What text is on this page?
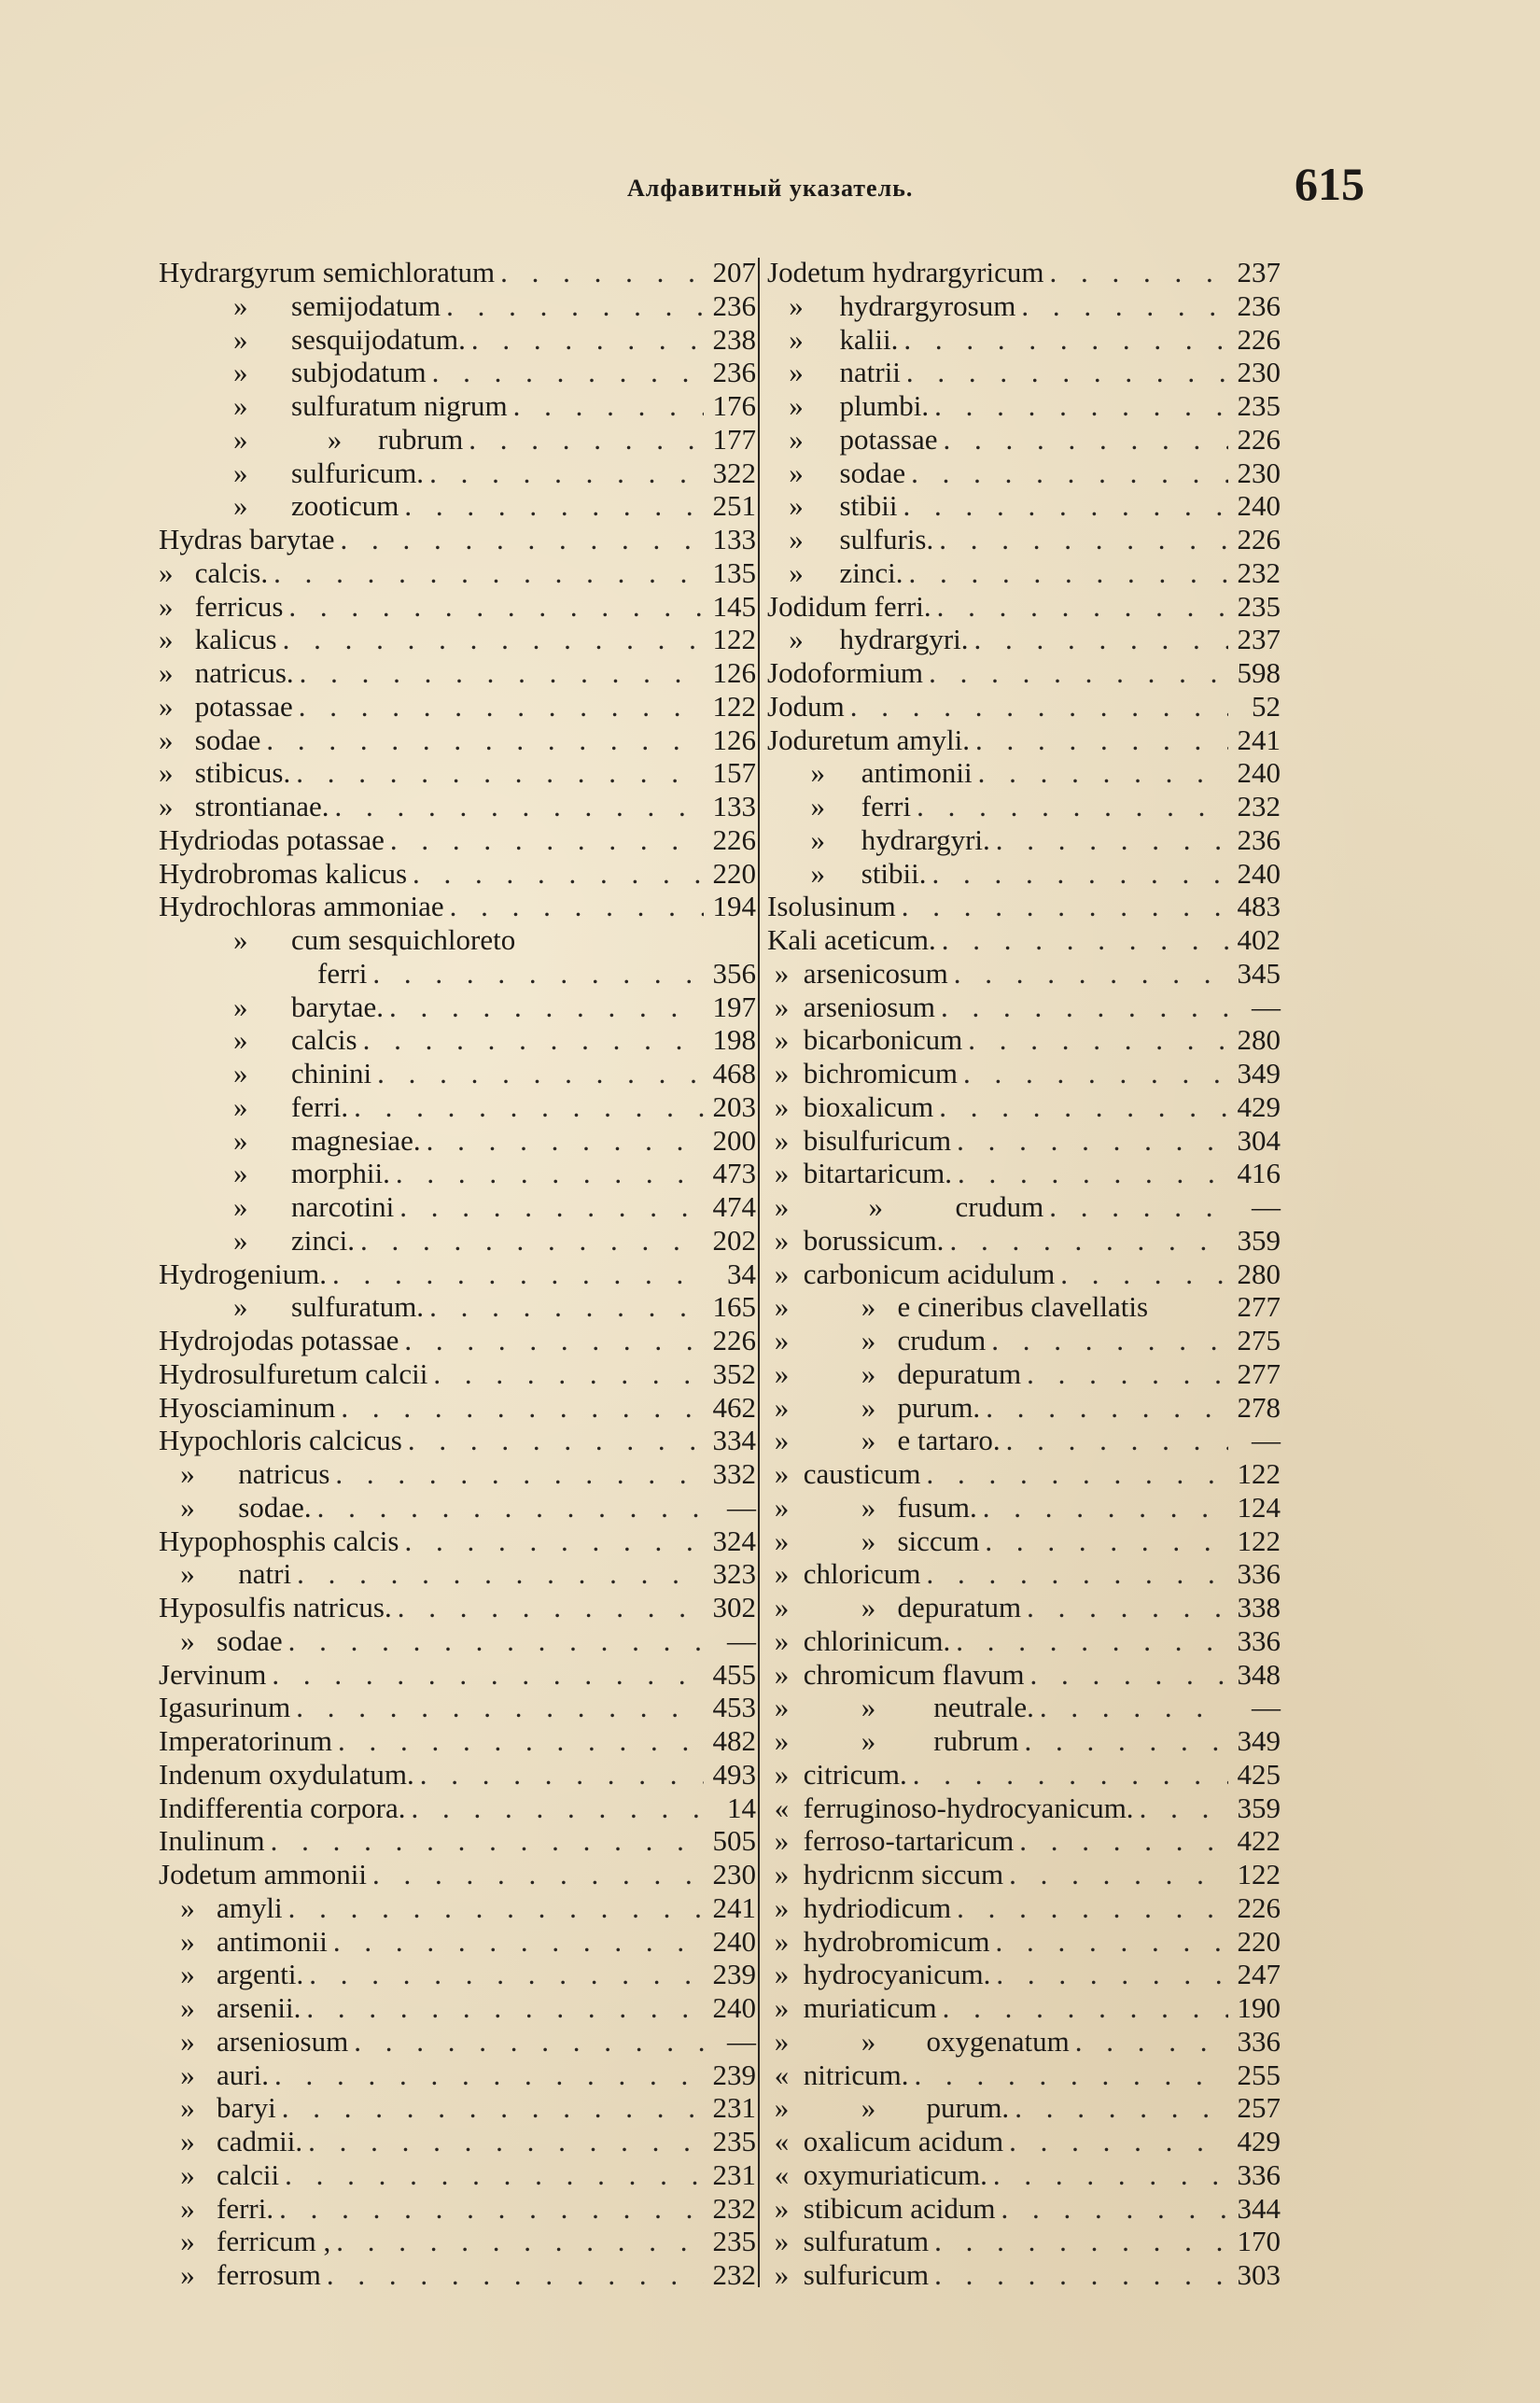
Алфавитный указатель.	615
Hydrargyrum semichloratum . . .	207
»      semijodatum . . .	236
»      sesquijodatum. . . .	238
»      subjodatum . . .	236
»      sulfuratum nigrum . . .	176
»           »     rubrum . . .	177
»      sulfuricum. . . .	322
»      zooticum . . .	251
Hydras barytae . . .	133
»   calcis. . . .	135
»   ferricus . . .	145
»   kalicus . . .	122
»   natricus. . . .	126
»   potassae . . .	122
»   sodae . . .	126
»   stibicus. . . .	157
»   strontianae. . . .	133
Hydriodas potassae . . .	226
Hydrobromas kalicus . . .	220
Hydrochloras ammoniae . . .	194
»      cum sesquichloreto
ferri . . .	356
»      barytae. . . .	197
»      calcis . . .	198
»      chinini . . .	468
»      ferri. . . .	203
»      magnesiae. . . .	200
»      morphii. . . .	473
»      narcotini . . .	474
»      zinci. . . .	202
Hydrogenium. . . .	34
»      sulfuratum. . . .	165
Hydrojodas potassae . . .	226
Hydrosulfuretum calcii . . .	352
Hyosciaminum . . .	462
Hypochloris calcicus . . .	334
»      natricus . . .	332
»      sodae. . . .	—
Hypophosphis calcis . . .	324
»      natri . . .	323
Hyposulfis natricus. . . .	302
»   sodae . . .	—
Jervinum . . .	455
Igasurinum . . .	453
Imperatorinum . . .	482
Indenum oxydulatum. . . .	493
Indifferentia corpora. . . .	14
Inulinum . . .	505
Jodetum ammonii . . .	230
»   amyli . . .	241
»   antimonii . . .	240
»   argenti. . . .	239
»   arsenii. . . .	240
»   arseniosum . . .	—
»   auri. . . .	239
»   baryi . . .	231
»   cadmii. . . .	235
»   calcii . . .	231
»   ferri. . . .	232
»   ferricum , . . .	235
»   ferrosum . . .	232
Jodetum hydrargyricum . . .	237
»     hydrargyrosum . . .	236
»     kalii. . . .	226
»     natrii . . .	230
»     plumbi. . . .	235
»     potassae . . .	226
»     sodae . . .	230
»     stibii . . .	240
»     sulfuris. . . .	226
»     zinci. . . .	232
Jodidum ferri. . . .	235
»     hydrargyri. . . .	237
Jodoformium . . .	598
Jodum . . .	52
Joduretum amyli. . . .	241
»     antimonii . . .	240
»     ferri . . .	232
»     hydrargyri. . . .	236
»     stibii. . . .	240
Isolusinum . . .	483
Kali aceticum. . . .	402
»  arsenicosum . . .	345
»  arseniosum . . .	—
»  bicarbonicum . . .	280
»  bichromicum . . .	349
»  bioxalicum . . .	429
»  bisulfuricum . . .	304
»  bitartaricum. . . .	416
»           »          crudum . . .	—
»  borussicum. . . .	359
»  carbonicum acidulum . . .	280
»          »   e cineribus clavellatis	277
»          »   crudum . . .	275
»          »   depuratum . . .	277
»          »   purum. . . .	278
»          »   e tartaro. . . .	—
»  causticum . . .	122
»          »   fusum. . . .	124
»          »   siccum . . .	122
»  chloricum . . .	336
»          »   depuratum . . .	338
»  chlorinicum. . . .	336
»  chromicum flavum . . .	348
»          »        neutrale. . . .	—
»          »        rubrum . . .	349
»  citricum. . . .	425
«  ferruginoso-hydrocyanicum. . . .	359
»  ferroso-tartaricum . . .	422
»  hydricnm siccum . . .	122
»  hydriodicum . . .	226
»  hydrobromicum . . .	220
»  hydrocyanicum. . . .	247
»  muriaticum . . .	190
»          »       oxygenatum . . .	336
«  nitricum. . . .	255
»          »       purum. . . .	257
«  oxalicum acidum . . .	429
«  oxymuriaticum. . . .	336
»  stibicum acidum . . .	344
»  sulfuratum . . .	170
»  sulfuricum . . .	303
